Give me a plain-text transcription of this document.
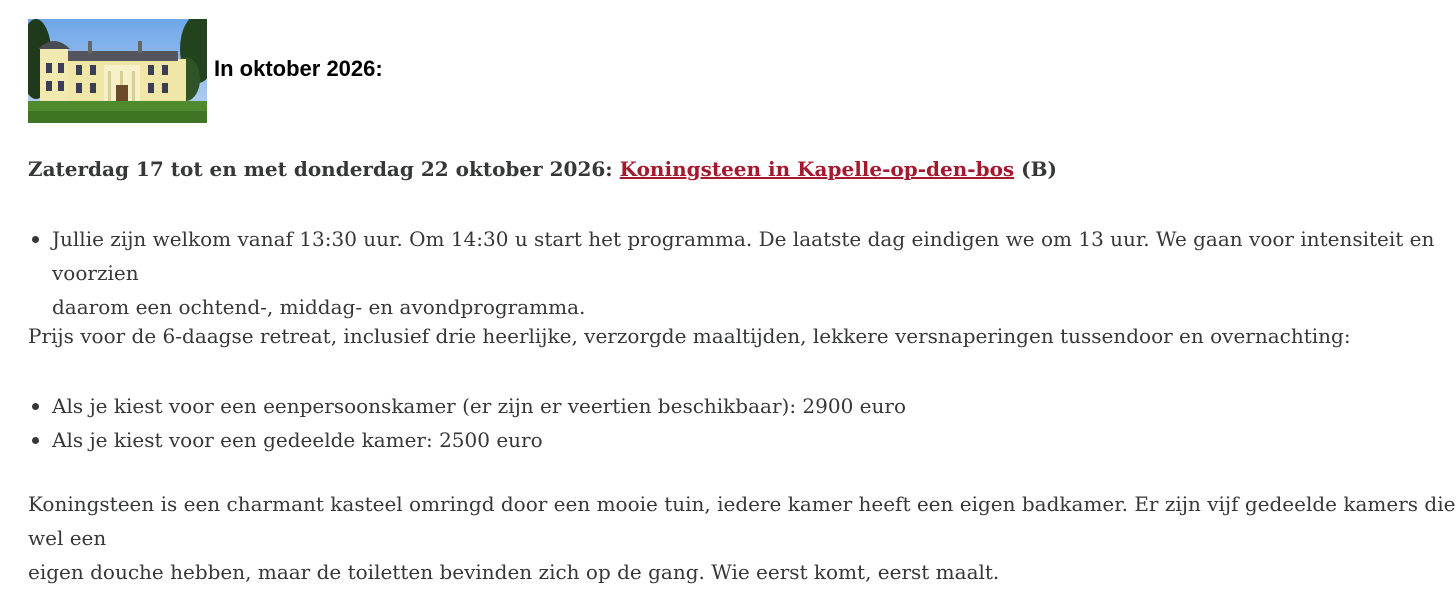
In oktober 2026:
Zaterdag 17 tot en met donderdag 22 oktober 2026: Koningsteen in Kapelle-op-den-bos (B)
Jullie zijn welkom vanaf 13:30 uur. Om 14:30 u start het programma. De laatste dag eindigen we om 13 uur. We gaan voor intensiteit en voorzien
daarom een ochtend-, middag- en avondprogramma.
Prijs voor de 6-daagse retreat, inclusief drie heerlijke, verzorgde maaltijden, lekkere versnaperingen tussendoor en overnachting:
Als je kiest voor een eenpersoonskamer (er zijn er veertien beschikbaar): 2900 euro
Als je kiest voor een gedeelde kamer: 2500 euro
Koningsteen is een charmant kasteel omringd door een mooie tuin, iedere kamer heeft een eigen badkamer. Er zijn vijf gedeelde kamers die wel een
eigen douche hebben, maar de toiletten bevinden zich op de gang. Wie eerst komt, eerst maalt.
